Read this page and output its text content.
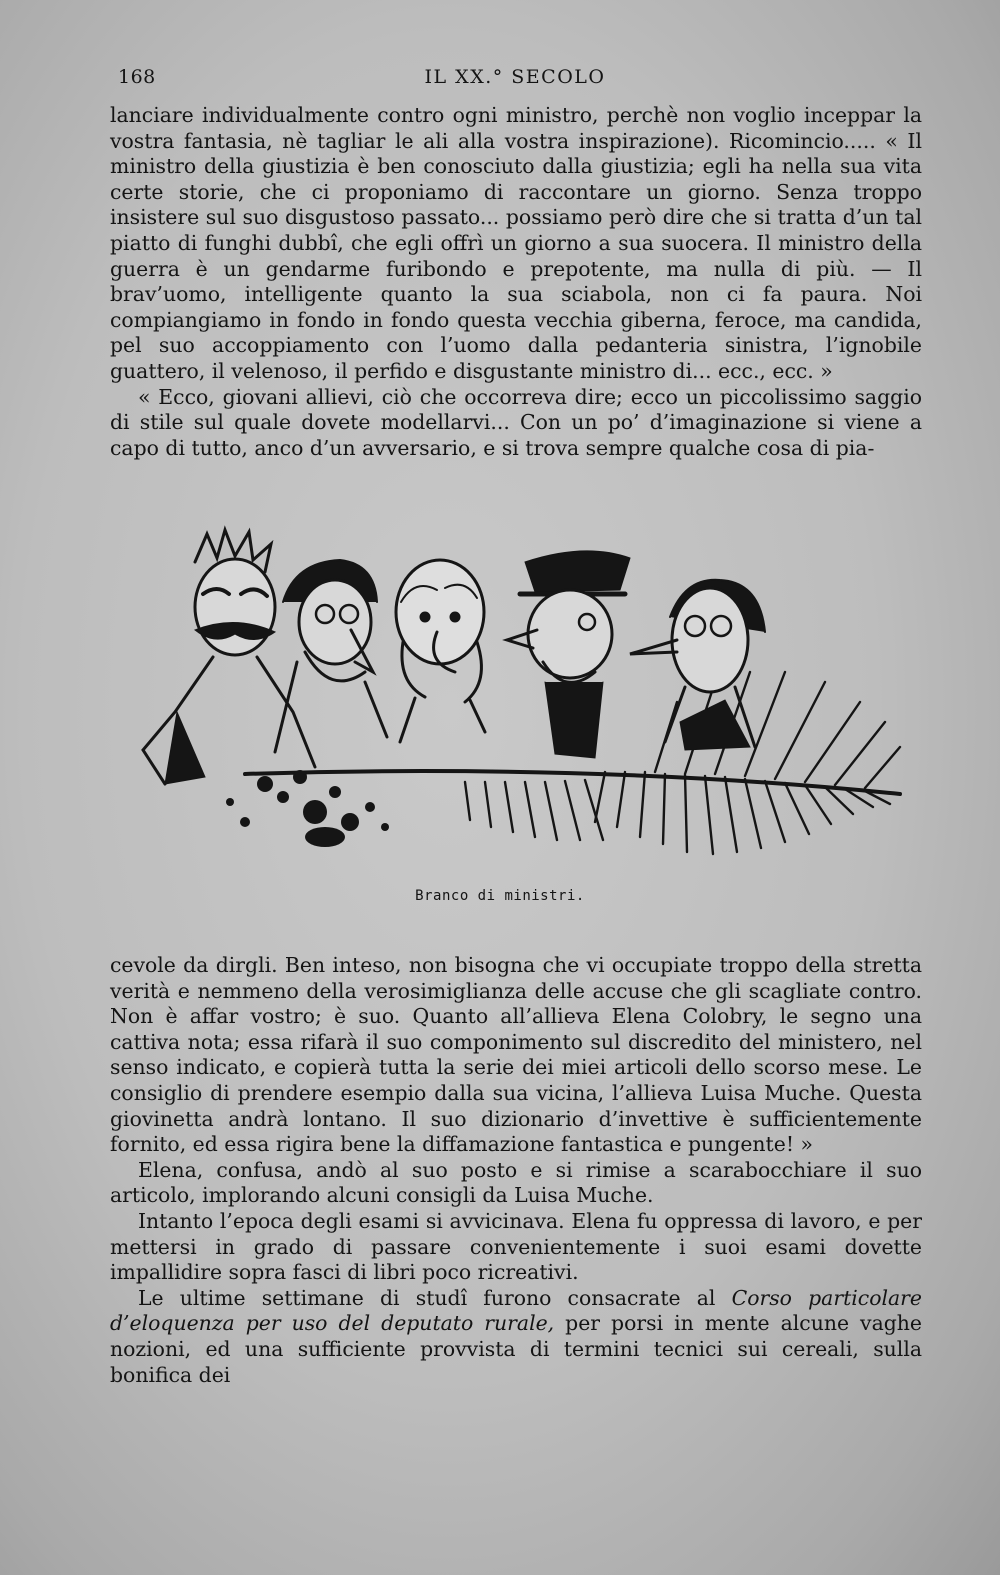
168	IL XX.° SECOLO

lanciare individualmente contro ogni ministro, perchè non voglio inceppar la vostra fantasia, nè tagliar le ali alla vostra inspirazione). Ricomincio..... « Il ministro della giustizia è ben conosciuto dalla giustizia; egli ha nella sua vita certe storie, che ci proponiamo di raccontare un giorno. Senza troppo insistere sul suo disgustoso passato... possiamo però dire che si tratta d’un tal piatto di funghi dubbî, che egli offrì un giorno a sua suocera. Il ministro della guerra è un gendarme furibondo e prepotente, ma nulla di più. — Il brav’uomo, intelligente quanto la sua sciabola, non ci fa paura. Noi compiangiamo in fondo in fondo questa vecchia giberna, feroce, ma candida, pel suo accoppiamento con l’uomo dalla pedanteria sinistra, l’ignobile guattero, il velenoso, il perfido e disgustante ministro di... ecc., ecc. »

« Ecco, giovani allievi, ciò che occorreva dire; ecco un piccolissimo saggio di stile sul quale dovete modellarvi... Con un po’ d’imaginazione si viene a capo di tutto, anco d’un avversario, e si trova sempre qualche cosa di pia-

Branco di ministri.

cevole da dirgli. Ben inteso, non bisogna che vi occupiate troppo della stretta verità e nemmeno della verosimiglianza delle accuse che gli scagliate contro. Non è affar vostro; è suo. Quanto all’allieva Elena Colobry, le segno una cattiva nota; essa rifarà il suo componimento sul discredito del ministero, nel senso indicato, e copierà tutta la serie dei miei articoli dello scorso mese. Le consiglio di prendere esempio dalla sua vicina, l’allieva Luisa Muche. Questa giovinetta andrà lontano. Il suo dizionario d’invettive è sufficientemente fornito, ed essa rigira bene la diffamazione fantastica e pungente! »

Elena, confusa, andò al suo posto e si rimise a scarabocchiare il suo articolo, implorando alcuni consigli da Luisa Muche.

Intanto l’epoca degli esami si avvicinava. Elena fu oppressa di lavoro, e per mettersi in grado di passare convenientemente i suoi esami dovette impallidire sopra fasci di libri poco ricreativi.

Le ultime settimane di studî furono consacrate al Corso particolare d’eloquenza per uso del deputato rurale, per porsi in mente alcune vaghe nozioni, ed una sufficiente provvista di termini tecnici sui cereali, sulla bonifica dei
